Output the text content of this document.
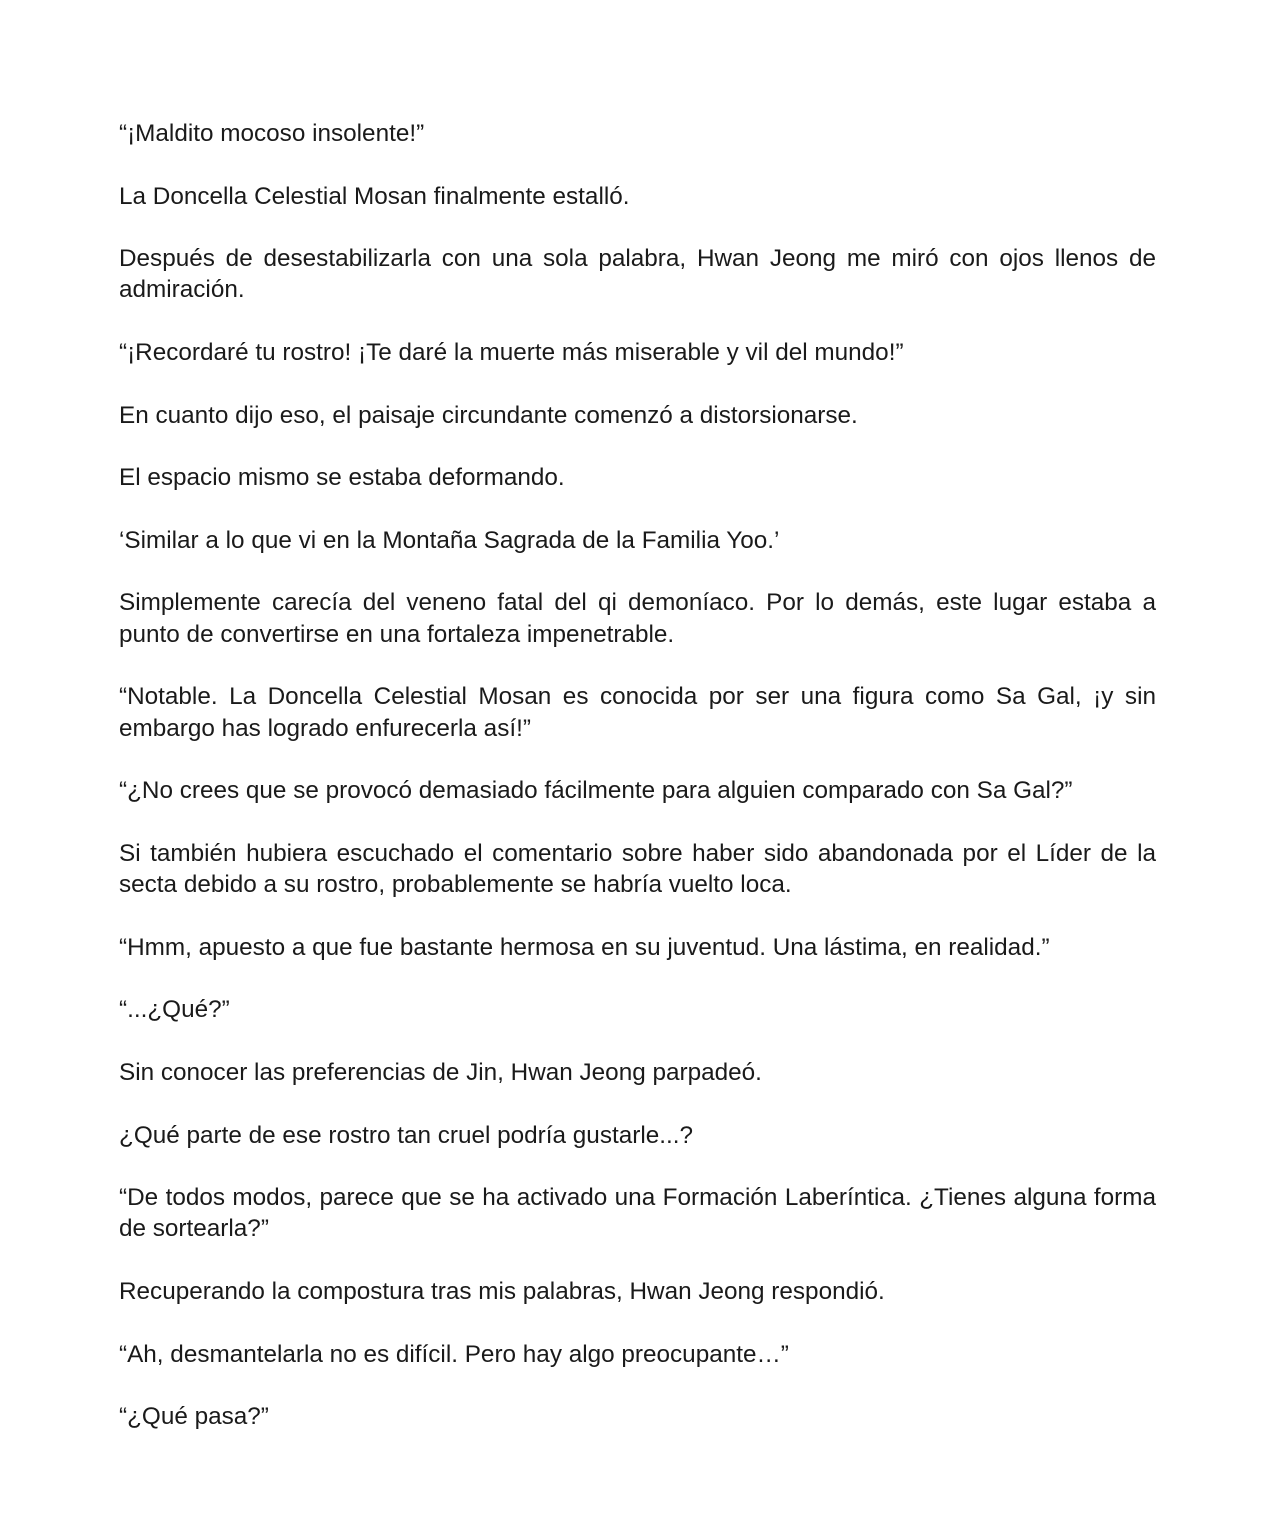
“¡Maldito mocoso insolente!”

La Doncella Celestial Mosan finalmente estalló.

Después de desestabilizarla con una sola palabra, Hwan Jeong me miró con ojos llenos de admiración.

“¡Recordaré tu rostro! ¡Te daré la muerte más miserable y vil del mundo!”

En cuanto dijo eso, el paisaje circundante comenzó a distorsionarse.

El espacio mismo se estaba deformando.

‘Similar a lo que vi en la Montaña Sagrada de la Familia Yoo.’

Simplemente carecía del veneno fatal del qi demoníaco. Por lo demás, este lugar estaba a punto de convertirse en una fortaleza impenetrable.

“Notable. La Doncella Celestial Mosan es conocida por ser una figura como Sa Gal, ¡y sin embargo has logrado enfurecerla así!”

“¿No crees que se provocó demasiado fácilmente para alguien comparado con Sa Gal?”

Si también hubiera escuchado el comentario sobre haber sido abandonada por el Líder de la secta debido a su rostro, probablemente se habría vuelto loca.

“Hmm, apuesto a que fue bastante hermosa en su juventud. Una lástima, en realidad.”

“...¿Qué?”

Sin conocer las preferencias de Jin, Hwan Jeong parpadeó.

¿Qué parte de ese rostro tan cruel podría gustarle...?

“De todos modos, parece que se ha activado una Formación Laberíntica. ¿Tienes alguna forma de sortearla?”

Recuperando la compostura tras mis palabras, Hwan Jeong respondió.

“Ah, desmantelarla no es difícil. Pero hay algo preocupante…”

“¿Qué pasa?”
